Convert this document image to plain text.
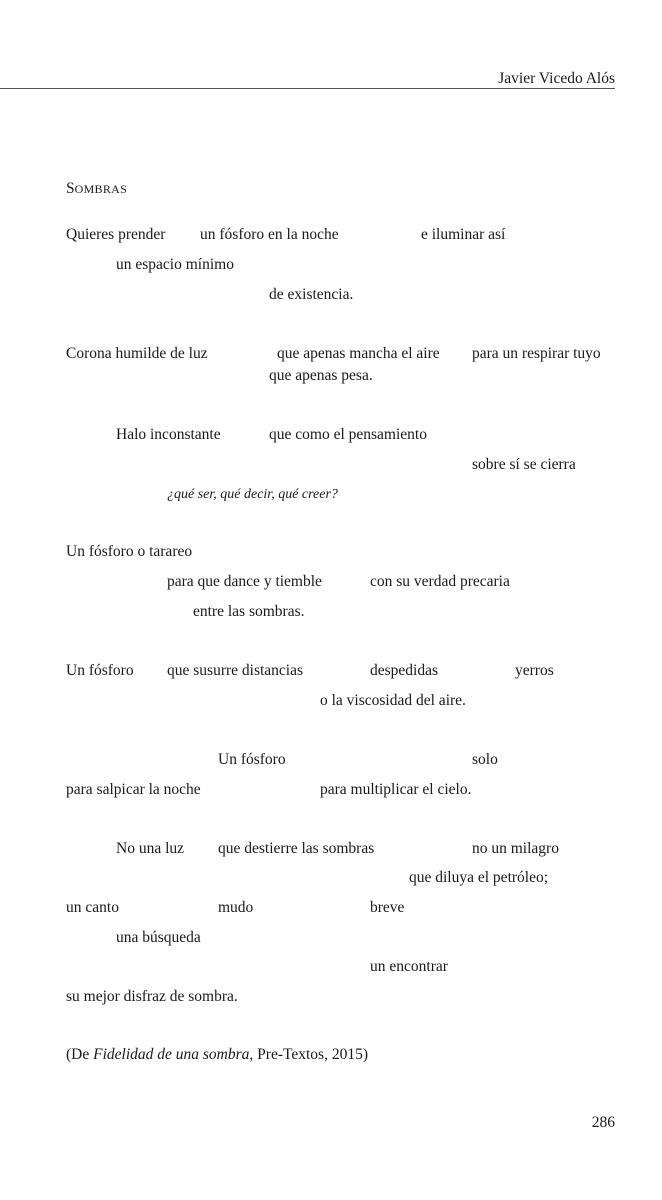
Javier Vicedo Alós
SOMBRAS
Quieres prender un fósforo en la noche	e iluminar así
un espacio mínimo
de existencia.
Corona humilde de luz	que apenas mancha el aire para un respirar tuyo
que apenas pesa.
Halo inconstante	que como el pensamiento
sobre sí se cierra
¿qué ser, qué decir, qué creer?
Un fósforo o tarareo
para que dance y tiemble	con su verdad precaria
entre las sombras.
Un fósforo que susurre distancias	despedidas	yerros
o la viscosidad del aire.
Un fósforo	solo
para salpicar la noche	para multiplicar el cielo.
No una luz que destierre las sombras	no un milagro
que diluya el petróleo;
un canto	mudo	breve
una búsqueda
un encontrar
su mejor disfraz de sombra.
(De Fidelidad de una sombra, Pre-Textos, 2015)
286
